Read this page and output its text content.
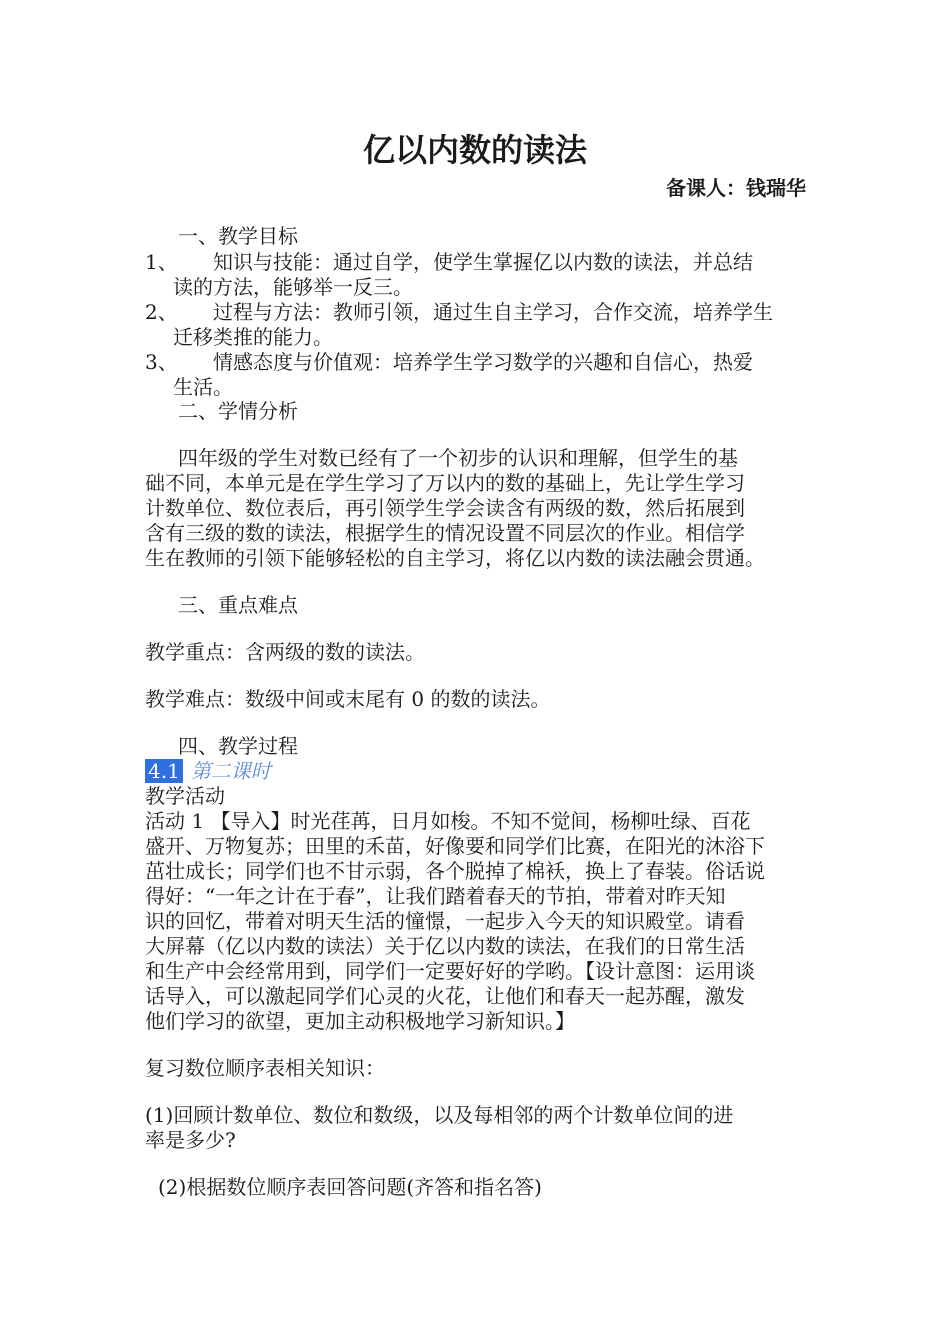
亿以内数的读法
备课人：钱瑞华
一、教学目标
1、 知识与技能：通过自学，使学生掌握亿以内数的读法，并总结
读的方法，能够举一反三。
2、 过程与方法：教师引领，通过生自主学习，合作交流，培养学生
迁移类推的能力。
3、 情感态度与价值观：培养学生学习数学的兴趣和自信心，热爱
生活。
二、学情分析
四年级的学生对数已经有了一个初步的认识和理解，但学生的基
础不同，本单元是在学生学习了万以内的数的基础上，先让学生学习
计数单位、数位表后，再引领学生学会读含有两级的数，然后拓展到
含有三级的数的读法，根据学生的情况设置不同层次的作业。相信学
生在教师的引领下能够轻松的自主学习，将亿以内数的读法融会贯通。
三、重点难点
教学重点：含两级的数的读法。
教学难点：数级中间或末尾有 0 的数的读法。
四、教学过程
4.1 第二课时
教学活动
活动 1 【导入】时光荏苒，日月如梭。不知不觉间，杨柳吐绿、百花
盛开、万物复苏；田里的禾苗，好像要和同学们比赛，在阳光的沐浴下
茁壮成长；同学们也不甘示弱，各个脱掉了棉袄，换上了春装。俗话说
得好：“一年之计在于春”，让我们踏着春天的节拍，带着对昨天知
识的回忆，带着对明天生活的憧憬，一起步入今天的知识殿堂。请看
大屏幕（亿以内数的读法）关于亿以内数的读法，在我们的日常生活
和生产中会经常用到，同学们一定要好好的学哟。【设计意图：运用谈
话导入，可以激起同学们心灵的火花，让他们和春天一起苏醒，激发
他们学习的欲望，更加主动积极地学习新知识。】
复习数位顺序表相关知识：
(1)回顾计数单位、数位和数级，以及每相邻的两个计数单位间的进
率是多少?
(2)根据数位顺序表回答问题(齐答和指名答)
